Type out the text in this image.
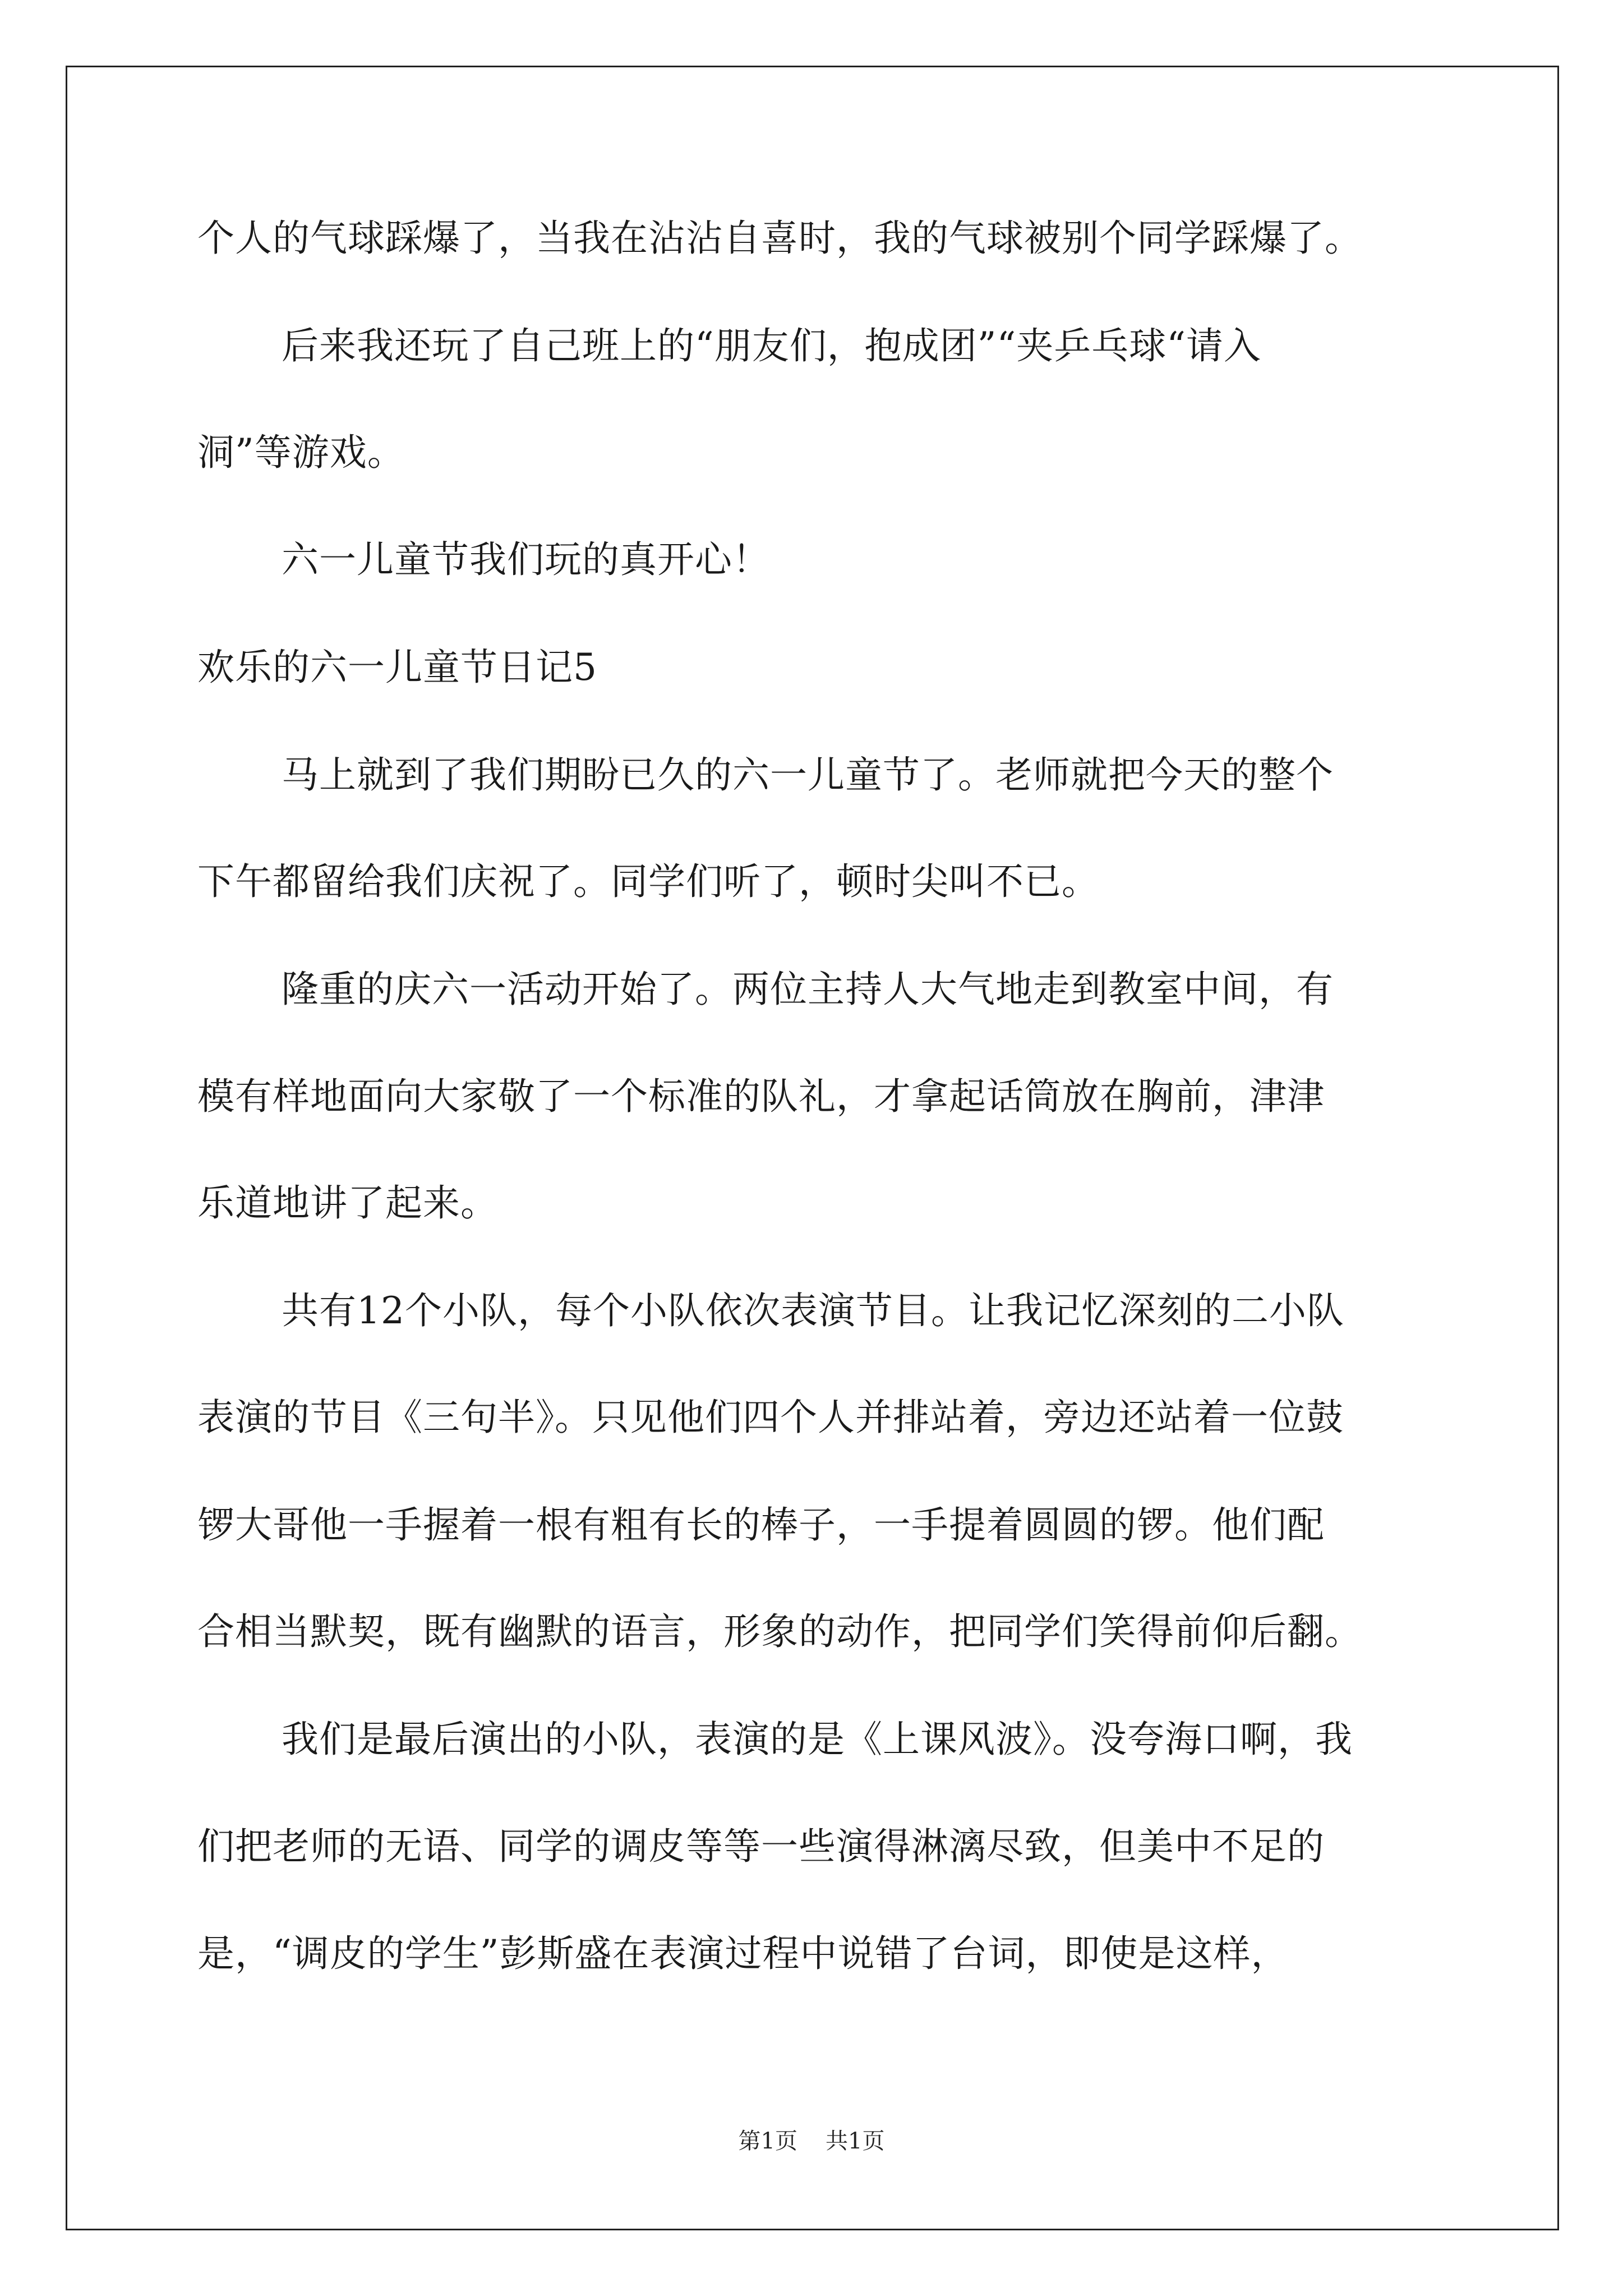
个人的气球踩爆了，当我在沾沾自喜时，我的气球被别个同学踩爆了。
后来我还玩了自己班上的“朋友们，抱成团”“夹乒乓球“请入
洞”等游戏。
六一儿童节我们玩的真开心！
欢乐的六一儿童节日记5
马上就到了我们期盼已久的六一儿童节了。老师就把今天的整个
下午都留给我们庆祝了。同学们听了，顿时尖叫不已。
隆重的庆六一活动开始了。两位主持人大气地走到教室中间，有
模有样地面向大家敬了一个标准的队礼，才拿起话筒放在胸前，津津
乐道地讲了起来。
共有12个小队，每个小队依次表演节目。让我记忆深刻的二小队
表演的节目《三句半》。只见他们四个人并排站着，旁边还站着一位鼓
锣大哥他一手握着一根有粗有长的棒子，一手提着圆圆的锣。他们配
合相当默契，既有幽默的语言，形象的动作，把同学们笑得前仰后翻。
我们是最后演出的小队，表演的是《上课风波》。没夸海口啊，我
们把老师的无语、同学的调皮等等一些演得淋漓尽致，但美中不足的
是，“调皮的学生”彭斯盛在表演过程中说错了台词，即使是这样，
第1页 共1页
